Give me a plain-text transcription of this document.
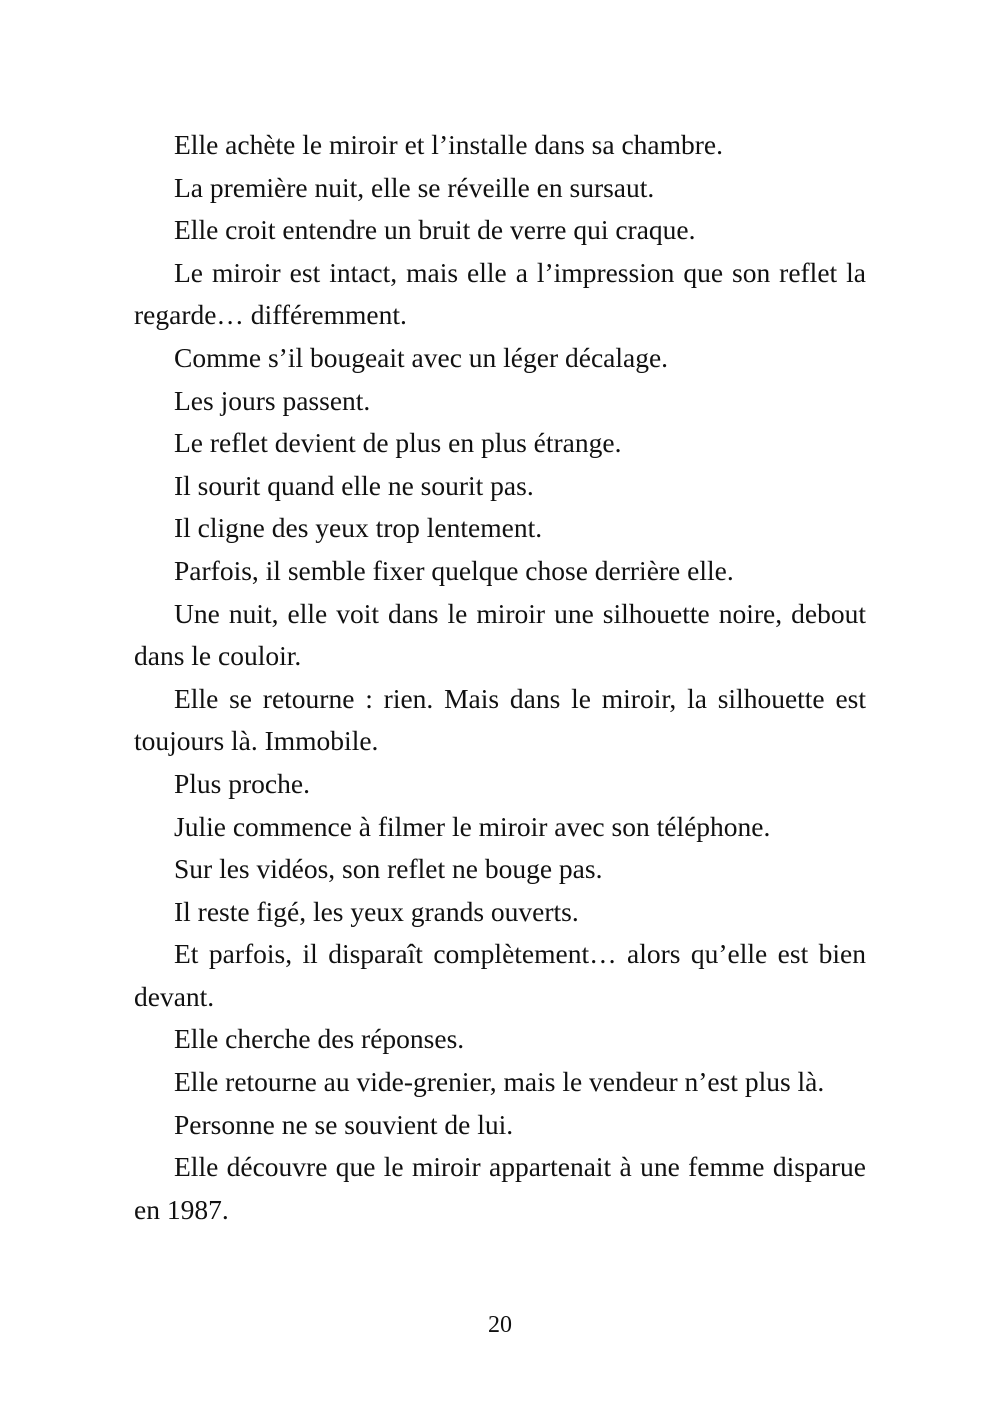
Elle achète le miroir et l’installe dans sa chambre.

La première nuit, elle se réveille en sursaut.

Elle croit entendre un bruit de verre qui craque.

Le miroir est intact, mais elle a l’impression que son reflet la regarde… différemment.

Comme s’il bougeait avec un léger décalage.

Les jours passent.

Le reflet devient de plus en plus étrange.

Il sourit quand elle ne sourit pas.

Il cligne des yeux trop lentement.

Parfois, il semble fixer quelque chose derrière elle.

Une nuit, elle voit dans le miroir une silhouette noire, debout dans le couloir.

Elle se retourne : rien. Mais dans le miroir, la silhouette est toujours là. Immobile.

Plus proche.

Julie commence à filmer le miroir avec son téléphone.

Sur les vidéos, son reflet ne bouge pas.

Il reste figé, les yeux grands ouverts.

Et parfois, il disparaît complètement… alors qu’elle est bien devant.

Elle cherche des réponses.

Elle retourne au vide-grenier, mais le vendeur n’est plus là.

Personne ne se souvient de lui.

Elle découvre que le miroir appartenait à une femme disparue en 1987.

20
